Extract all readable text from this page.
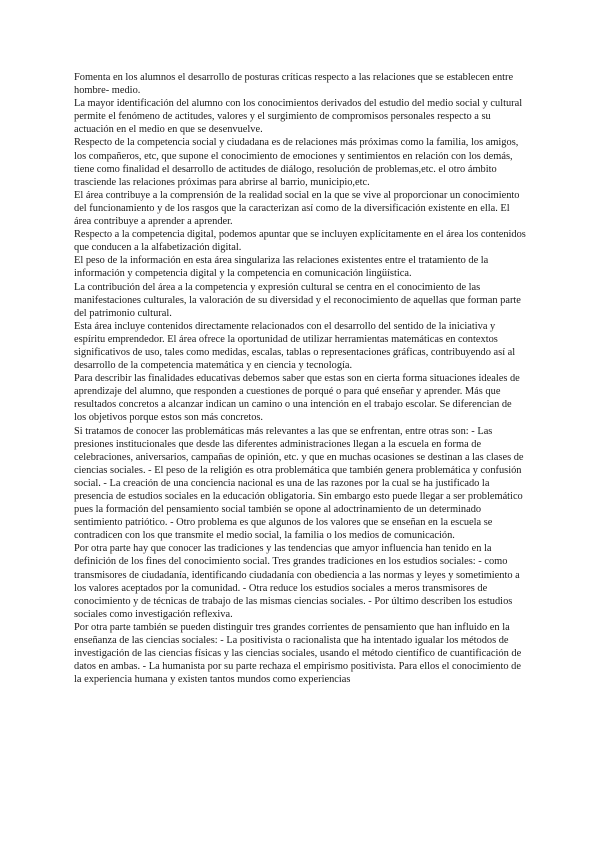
Fomenta en los alumnos el desarrollo de posturas críticas respecto a las relaciones que se establecen entre hombre- medio.

La mayor identificación del alumno con los conocimientos derivados del estudio del medio social y cultural permite el fenómeno de actitudes, valores y el surgimiento de compromisos personales respecto a su actuación en el medio en que se desenvuelve.

Respecto de la competencia social y ciudadana es de relaciones más próximas como la familia, los amigos, los compañeros, etc, que supone el conocimiento de emociones y sentimientos en relación con los demás, tiene como finalidad el desarrollo de actitudes de diálogo, resolución de problemas,etc. el otro ámbito trasciende las relaciones próximas para abrirse al barrio, municipio,etc.

El área contribuye a la comprensión de la realidad social en la que se vive al proporcionar un conocimiento del funcionamiento y de los rasgos que la caracterizan así como de la diversificación existente en ella. El área contribuye a aprender a aprender.

Respecto a la competencia digital, podemos apuntar que se incluyen explícitamente en el área los contenidos que conducen a la alfabetización digital.

El peso de la información en esta área singulariza las relaciones existentes entre el tratamiento de la información y competencia digital y la competencia en comunicación lingüística.

La contribución del área a la competencia y expresión cultural se centra en el conocimiento de las manifestaciones culturales, la valoración de su diversidad y el reconocimiento de aquellas que forman parte del patrimonio cultural.

Esta área incluye contenidos directamente relacionados con el desarrollo del sentido de la iniciativa y espíritu emprendedor. El área ofrece la oportunidad de utilizar herramientas matemáticas en contextos significativos de uso, tales como medidas, escalas, tablas o representaciones gráficas, contribuyendo así al desarrollo de la competencia matemática y en ciencia y tecnología.

Para describir las finalidades educativas debemos saber que estas son en cierta forma situaciones ideales de aprendizaje del alumno, que responden a cuestiones de porqué o para qué enseñar y aprender. Más que resultados concretos a alcanzar indican un camino o una intención en el trabajo escolar. Se diferencian de los objetivos porque estos son más concretos.

Si tratamos de conocer las problemáticas más relevantes a las que se enfrentan, entre otras son: - Las presiones institucionales que desde las diferentes administraciones llegan a la escuela en forma de celebraciones, aniversarios, campañas de opinión, etc. y que en muchas ocasiones se destinan a las clases de ciencias sociales. - El peso de la religión es otra problemática que también genera problemática y confusión social. - La creación de una conciencia nacional es una de las razones por la cual se ha justificado la presencia de estudios sociales en la educación obligatoria. Sin embargo esto puede llegar a ser problemático pues la formación del pensamiento social también se opone al adoctrinamiento de un determinado sentimiento patriótico. - Otro problema es que algunos de los valores que se enseñan en la escuela se contradicen con los que transmite el medio social, la familia o los medios de comunicación.

Por otra parte hay que conocer las tradiciones y las tendencias que amyor influencia han tenido en la definición de los fines del conocimiento social. Tres grandes tradiciones en los estudios sociales: - como transmisores de ciudadanía, identificando ciudadanía con obediencia a las normas y leyes y sometimiento a los valores aceptados por la comunidad. - Otra reduce los estudios sociales a meros transmisores de conocimiento y de técnicas de trabajo de las mismas ciencias sociales. - Por último describen los estudios sociales como investigación reflexiva.

Por otra parte también se pueden distinguir tres grandes corrientes de pensamiento que han influido en la enseñanza de las ciencias sociales: - La positivista o racionalista que ha intentado igualar los métodos de investigación de las ciencias físicas y las ciencias sociales, usando el método científico de cuantificación de datos en ambas. - La humanista por su parte rechaza el empirismo positivista. Para ellos el conocimiento de la experiencia humana y existen tantos mundos como experiencias
